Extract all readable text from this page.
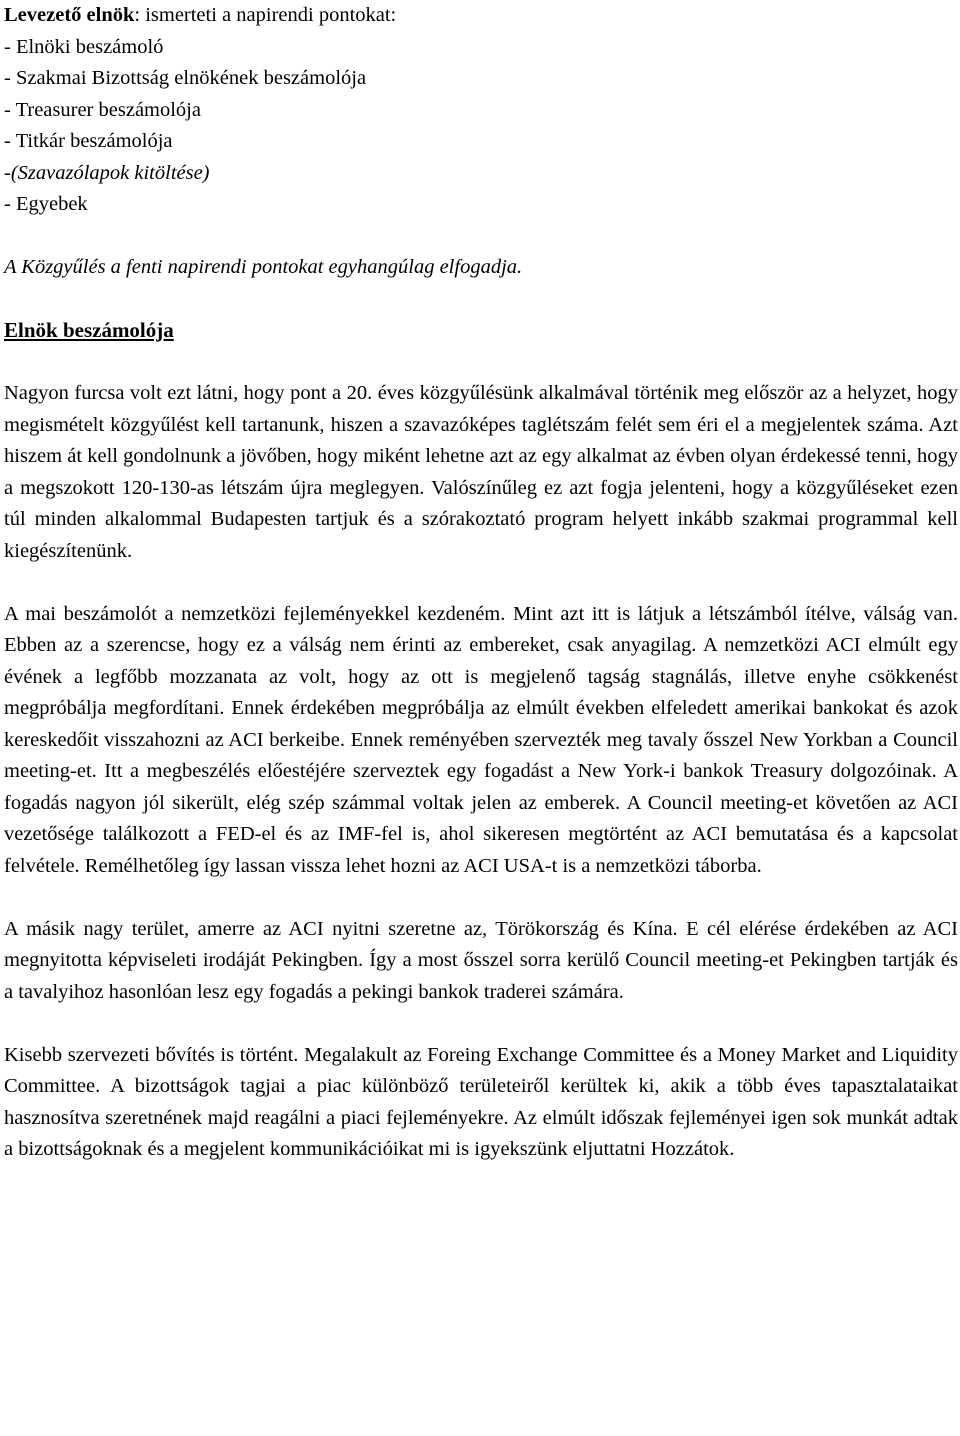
Levezető elnök: ismerteti a napirendi pontokat:
- Elnöki beszámoló
- Szakmai Bizottság elnökének beszámolója
- Treasurer beszámolója
- Titkár beszámolója
-(Szavazólapok kitöltése)
- Egyebek

A Közgyűlés a fenti napirendi pontokat egyhangúlag elfogadja.

Elnök beszámolója

Nagyon furcsa volt ezt látni, hogy pont a 20. éves közgyűlésünk alkalmával történik meg először az a helyzet, hogy megismételt közgyűlést kell tartanunk, hiszen a szavazóképes taglétszám felét sem éri el a megjelentek száma. Azt hiszem át kell gondolnunk a jövőben, hogy miként lehetne azt az egy alkalmat az évben olyan érdekessé tenni, hogy a megszokott 120-130-as létszám újra meglegyen. Valószínűleg ez azt fogja jelenteni, hogy a közgyűléseket ezen túl minden alkalommal Budapesten tartjuk és a szórakoztató program helyett inkább szakmai programmal kell kiegészítenünk.

A mai beszámolót a nemzetközi fejleményekkel kezdeném. Mint azt itt is látjuk a létszámból ítélve, válság van. Ebben az a szerencse, hogy ez a válság nem érinti az embereket, csak anyagilag. A nemzetközi ACI elmúlt egy évének a legfőbb mozzanata az volt, hogy az ott is megjelenő tagság stagnálás, illetve enyhe csökkenést megpróbálja megfordítani. Ennek érdekében megpróbálja az elmúlt években elfeledett amerikai bankokat és azok kereskedőit visszahozni az ACI berkeibe. Ennek reményében szervezték meg tavaly ősszel New Yorkban a Council meeting-et. Itt a megbeszélés előestéjére szerveztek egy fogadást a New York-i bankok Treasury dolgozóinak. A fogadás nagyon jól sikerült, elég szép számmal voltak jelen az emberek. A Council meeting-et követően az ACI vezetősége találkozott a FED-el és az IMF-fel is, ahol sikeresen megtörtént az ACI bemutatása és a kapcsolat felvétele. Remélhetőleg így lassan vissza lehet hozni az ACI USA-t is a nemzetközi táborba.

A másik nagy terület, amerre az ACI nyitni szeretne az, Törökország és Kína. E cél elérése érdekében az ACI megnyitotta képviseleti irodáját Pekingben. Így a most ősszel sorra kerülő Council meeting-et Pekingben tartják és a tavalyihoz hasonlóan lesz egy fogadás a pekingi bankok traderei számára.

Kisebb szervezeti bővítés is történt. Megalakult az Foreing Exchange Committee és a Money Market and Liquidity Committee. A bizottságok tagjai a piac különböző területeiről kerültek ki, akik a több éves tapasztalataikat hasznosítva szeretnének majd reagálni a piaci fejleményekre. Az elmúlt időszak fejleményei igen sok munkát adtak a bizottságoknak és a megjelent kommunikációikat mi is igyekszünk eljuttatni Hozzátok.
